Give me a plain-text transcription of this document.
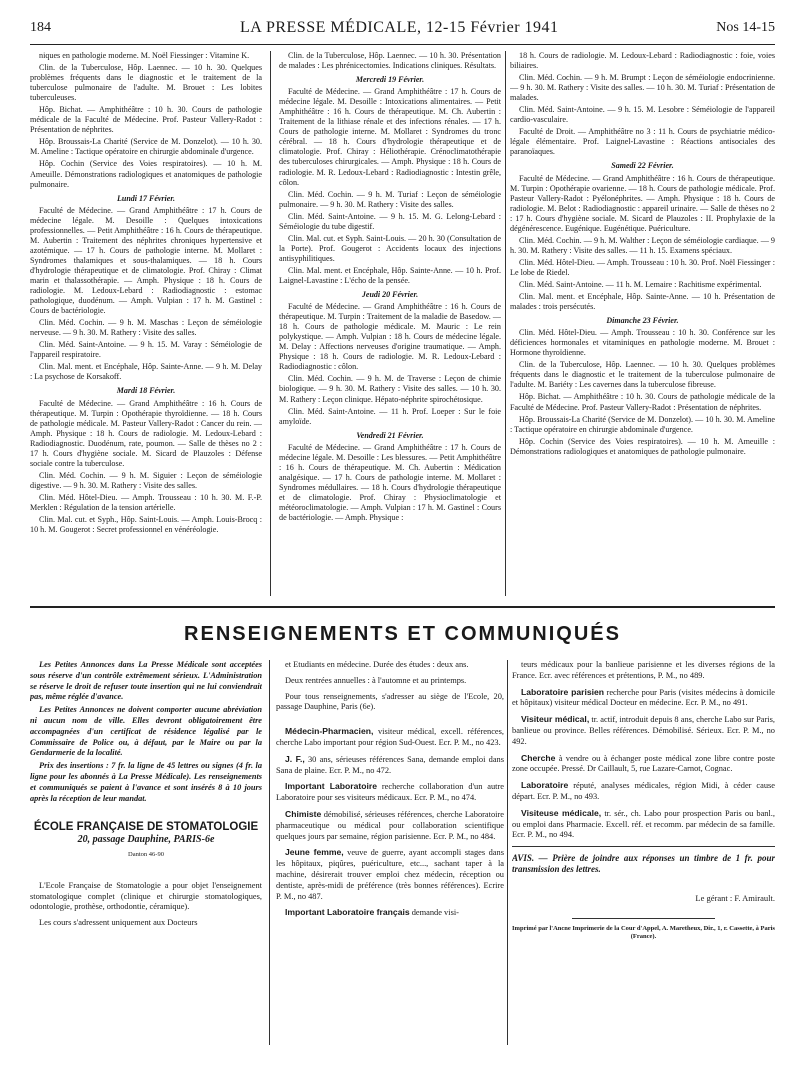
184	LA PRESSE MÉDICALE, 12-15 Février 1941	Nos 14-15

niques en pathologie moderne. M. Noël Fiessinger : Vitamine K.

Clin. de la Tuberculose, Hôp. Laennec. — 10 h. 30. Quelques problèmes fréquents dans le diagnostic et le traitement de la tuberculose pulmonaire de l'adulte. M. Brouet : Les lobites tuberculeuses.

Hôp. Bichat. — Amphithéâtre : 10 h. 30. Cours de pathologie médicale de la Faculté de Médecine. Prof. Pasteur Vallery-Radot : Présentation de néphrites.

Hôp. Broussais-La Charité (Service de M. Donzelot). — 10 h. 30. M. Ameline : Tactique opératoire en chirurgie abdominale d'urgence.

Hôp. Cochin (Service des Voies respiratoires). — 10 h. M. Ameuille. Démonstrations radiologiques et anatomiques de pathologie pulmonaire.

Lundi 17 Février.

Faculté de Médecine. — Grand Amphithéâtre : 17 h. Cours de médecine légale. M. Desoille : Quelques intoxications professionnelles. — Petit Amphithéâtre : 16 h. Cours de thérapeutique. M. Aubertin : Traitement des néphrites chroniques hypertensive et azotémique. — 17 h. Cours de pathologie interne. M. Mollaret : Syndromes thalamiques et sous-thalamiques. — 18 h. Cours d'hydrologie thérapeutique et de climatologie. Prof. Chiray : Climat marin et thalassothérapie. — Amph. Physique : 18 h. Cours de radiologie. M. Ledoux-Lebard : Radiodiagnostic : estomac pathologique, duodénum. — Amph. Vulpian : 17 h. M. Gastinel : Cours de bactériologie.

Clin. Méd. Cochin. — 9 h. M. Maschas : Leçon de séméiologie nerveuse. — 9 h. 30. M. Rathery : Visite des salles.

Clin. Méd. Saint-Antoine. — 9 h. 15. M. Varay : Séméiologie de l'appareil respiratoire.

Clin. Mal. ment. et Encéphale, Hôp. Sainte-Anne. — 9 h. M. Delay : La psychose de Korsakoff.

Mardi 18 Février.

Faculté de Médecine. — Grand Amphithéâtre : 16 h. Cours de thérapeutique. M. Turpin : Opothérapie thyroïdienne. — 18 h. Cours de pathologie médicale. M. Pasteur Vallery-Radot : Cancer du rein. — Amph. Physique : 18 h. Cours de radiologie. M. Ledoux-Lebard : Radiodiagnostic. Duodénum, rate, poumon. — Salle de thèses no 2 : 17 h. Cours d'hygiène sociale. M. Sicard de Plauzoles : Défense sociale contre la tuberculose.

Clin. Méd. Cochin. — 9 h. M. Siguier : Leçon de séméiologie digestive. — 9 h. 30. M. Rathery : Visite des salles.

Clin. Méd. Hôtel-Dieu. — Amph. Trousseau : 10 h. 30. M. F.-P. Merklen : Régulation de la tension artérielle.

Clin. Mal. cut. et Syph., Hôp. Saint-Louis. — Amph. Louis-Brocq : 10 h. M. Gougerot : Secret professionnel en vénéréologie.

Clin. de la Tuberculose, Hôp. Laennec. — 10 h. 30. Présentation de malades : Les phrénicectomies. Indications cliniques. Résultats.

Mercredi 19 Février.

Faculté de Médecine. — Grand Amphithéâtre : 17 h. Cours de médecine légale. M. Desoille : Intoxications alimentaires. — Petit Amphithéâtre : 16 h. Cours de thérapeutique. M. Ch. Aubertin : Traitement de la lithiase rénale et des infections rénales. — 17 h. Cours de pathologie interne. M. Mollaret : Syndromes du tronc cérébral. — 18 h. Cours d'hydrologie thérapeutique et de climatologie. Prof. Chiray : Héliothérapie. Crénoclimatothérapie des tuberculoses chirurgicales. — Amph. Physique : 18 h. Cours de radiologie. M. R. Ledoux-Lebard : Radiodiagnostic : Intestin grêle, côlon.

Clin. Méd. Cochin. — 9 h. M. Turiaf : Leçon de séméiologie pulmonaire. — 9 h. 30. M. Rathery : Visite des salles.

Clin. Méd. Saint-Antoine. — 9 h. 15. M. G. Lelong-Lebard : Séméiologie du tube digestif.

Clin. Mal. cut. et Syph. Saint-Louis. — 20 h. 30 (Consultation de la Porte). Prof. Gougerot : Accidents locaux des injections antisyphilitiques.

Clin. Mal. ment. et Encéphale, Hôp. Sainte-Anne. — 10 h. Prof. Laignel-Lavastine : L'écho de la pensée.

Jeudi 20 Février.

Faculté de Médecine. — Grand Amphithéâtre : 16 h. Cours de thérapeutique. M. Turpin : Traitement de la maladie de Basedow. — 18 h. Cours de pathologie médicale. M. Mauric : Le rein polykystique. — Amph. Vulpian : 18 h. Cours de médecine légale. M. Delay : Affections nerveuses d'origine traumatique. — Amph. Physique : 18 h. Cours de radiologie. M. R. Ledoux-Lebard : Radiodiagnostic : côlon.

Clin. Méd. Cochin. — 9 h. M. de Traverse : Leçon de chimie biologique. — 9 h. 30. M. Rathery : Visite des salles. — 10 h. 30. M. Rathery : Leçon clinique. Hépato-néphrite spirochétosique.

Clin. Méd. Saint-Antoine. — 11 h. Prof. Loeper : Sur le foie amyloïde.

Vendredi 21 Février.

Faculté de Médecine. — Grand Amphithéâtre : 17 h. Cours de médecine légale. M. Desoille : Les blessures. — Petit Amphithéâtre : 16 h. Cours de thérapeutique. M. Ch. Aubertin : Médication analgésique. — 17 h. Cours de pathologie interne. M. Mollaret : Syndromes médullaires. — 18 h. Cours d'hydrologie thérapeutique et de climatologie. Prof. Chiray : Physioclimatologie et météoroclimatologie. — Amph. Vulpian : 17 h. M. Gastinel : Cours de bactériologie. — Amph. Physique :

18 h. Cours de radiologie. M. Ledoux-Lebard : Radiodiagnostic : foie, voies biliaires.

Clin. Méd. Cochin. — 9 h. M. Brumpt : Leçon de séméiologie endocrinienne. — 9 h. 30. M. Rathery : Visite des salles. — 10 h. 30. M. Turiaf : Présentation de malades.

Clin. Méd. Saint-Antoine. — 9 h. 15. M. Lesobre : Séméiologie de l'appareil cardio-vasculaire.

Faculté de Droit. — Amphithéâtre no 3 : 11 h. Cours de psychiatrie médico-légale élémentaire. Prof. Laignel-Lavastine : Réactions antisociales des paranoïaques.

Samedi 22 Février.

Faculté de Médecine. — Grand Amphithéâtre : 16 h. Cours de thérapeutique. M. Turpin : Opothérapie ovarienne. — 18 h. Cours de pathologie médicale. Prof. Pasteur Vallery-Radot : Pyélonéphrites. — Amph. Physique : 18 h. Cours de radiologie. M. Belot : Radiodiagnostic : appareil urinaire. — Salle de thèses no 2 : 17 h. Cours d'hygiène sociale. M. Sicard de Plauzoles : II. Prophylaxie de la dégénérescence. Eugénique. Eugénétique. Puériculture.

Clin. Méd. Cochin. — 9 h. M. Walther : Leçon de séméiologie cardiaque. — 9 h. 30. M. Rathery : Visite des salles. — 11 h. 15. Examens spéciaux.

Clin. Méd. Hôtel-Dieu. — Amph. Trousseau : 10 h. 30. Prof. Noël Fiessinger : Le lobe de Riedel.

Clin. Méd. Saint-Antoine. — 11 h. M. Lemaire : Rachitisme expérimental.

Clin. Mal. ment. et Encéphale, Hôp. Sainte-Anne. — 10 h. Présentation de malades : trois persécutés.

Dimanche 23 Février.

Clin. Méd. Hôtel-Dieu. — Amph. Trousseau : 10 h. 30. Conférence sur les déficiences hormonales et vitaminiques en pathologie moderne. M. Brouet : Hormone thyroïdienne.

Clin. de la Tuberculose, Hôp. Laennec. — 10 h. 30. Quelques problèmes fréquents dans le diagnostic et le traitement de la tuberculose pulmonaire de l'adulte. M. Bariéty : Les cavernes dans la tuberculose fibreuse.

Hôp. Bichat. — Amphithéâtre : 10 h. 30. Cours de pathologie médicale de la Faculté de Médecine. Prof. Pasteur Vallery-Radot : Présentation de néphrites.

Hôp. Broussais-La Charité (Service de M. Donzelot). — 10 h. 30. M. Ameline : Tactique opératoire en chirurgie abdominale d'urgence.

Hôp. Cochin (Service des Voies respiratoires). — 10 h. M. Ameuille : Démonstrations radiologiques et anatomiques de pathologie pulmonaire.

RENSEIGNEMENTS ET COMMUNIQUÉS

Les Petites Annonces dans La Presse Médicale sont acceptées sous réserve d'un contrôle extrêmement sérieux. L'Administration se réserve le droit de refuser toute insertion qui ne lui conviendrait pas, même réglée d'avance.

Les Petites Annonces ne doivent comporter aucune abréviation ni aucun nom de ville. Elles devront obligatoirement être accompagnées d'un certificat de résidence légalisé par le Commissaire de Police ou, à défaut, par le Maire ou par la Gendarmerie de la localité.

Prix des insertions : 7 fr. la ligne de 45 lettres ou signes (4 fr. la ligne pour les abonnés à La Presse Médicale). Les renseignements et communiqués se paient à l'avance et sont insérés 8 à 10 jours après la réception de leur mandat.

ÉCOLE FRANÇAISE DE STOMATOLOGIE
20, passage Dauphine, PARIS-6e
Danton 46-90

L'Ecole Française de Stomatologie a pour objet l'enseignement stomatologique complet (clinique et chirurgie stomatologiques, odontologie, prothèse, orthodontie, céramique).

Les cours s'adressent uniquement aux Docteurs

et Etudiants en médecine. Durée des études : deux ans.

Deux rentrées annuelles : à l'automne et au printemps.

Pour tous renseignements, s'adresser au siège de l'Ecole, 20, passage Dauphine, Paris (6e).

Médecin-Pharmacien, visiteur médical, excell. références, cherche Labo important pour région Sud-Ouest. Ecr. P. M., no 423.

J. F., 30 ans, sérieuses références Sana, demande emploi dans Sana de plaine. Ecr. P. M., no 472.

Important Laboratoire recherche collaboration d'un autre Laboratoire pour ses visiteurs médicaux. Ecr. P. M., no 474.

Chimiste démobilisé, sérieuses références, cherche Laboratoire pharmaceutique ou médical pour collaboration scientifique quelques jours par semaine, région parisienne. Ecr. P. M., no 484.

Jeune femme, veuve de guerre, ayant accompli stages dans les hôpitaux, piqûres, puériculture, etc..., sachant taper à la machine, désirerait trouver emploi chez médecin, réception ou dentiste, après-midi de préférence (très bonnes références). Ecrire P. M., no 487.

Important Laboratoire français demande visi-

teurs médicaux pour la banlieue parisienne et les diverses régions de la France. Ecr. avec références et prétentions, P. M., no 489.

Laboratoire parisien recherche pour Paris (visites médecins à domicile et hôpitaux) visiteur médical Docteur en médecine. Ecr. P. M., no 491.

Visiteur médical, tr. actif, introduit depuis 8 ans, cherche Labo sur Paris, banlieue ou province. Belles références. Démobilisé. Sérieux. Ecr. P. M., no 492.

Cherche à vendre ou à échanger poste médical zone libre contre poste zone occupée. Pressé. Dr Caillault, 5, rue Lazare-Carnot, Cognac.

Laboratoire réputé, analyses médicales, région Midi, à céder cause départ. Ecr. P. M., no 493.

Visiteuse médicale, tr. sér., ch. Labo pour prospection Paris ou banl., ou emploi dans Pharmacie. Excell. réf. et recomm. par médecin de sa famille. Ecr. P. M., no 494.

AVIS. — Prière de joindre aux réponses un timbre de 1 fr. pour transmission des lettres.
Le gérant : F. Amirault.
Imprimé par l'Ancne Imprimerie de la Cour d'Appel, A. Maretheux, Dir., 1, r. Cassette, à Paris (France).
